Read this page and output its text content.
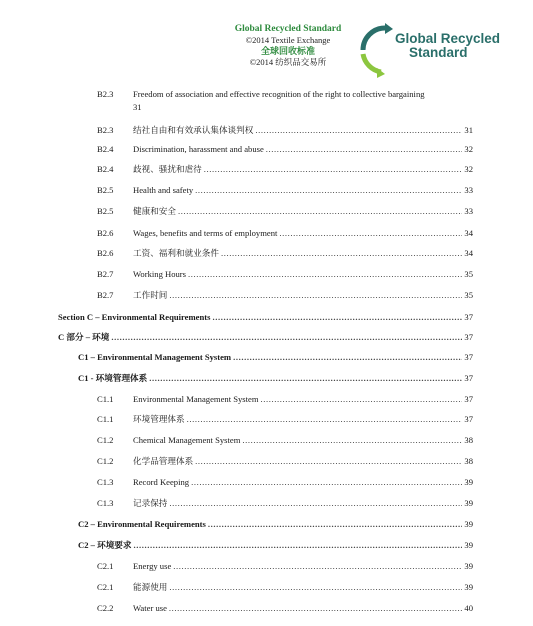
Global Recycled Standard
©2014 Textile Exchange
全球回收标准
©2014 纺织品交易所
Global Recycled
Standard
B2.3 Freedom of association and effective recognition of the right to collective bargaining
31
B2.3 结社自由和有效承认集体谈判权 .....	31
B2.4 Discrimination, harassment and abuse .....	32
B2.4 歧视、骚扰和虐待 .....	32
B2.5 Health and safety .....	33
B2.5 健康和安全 .....	33
B2.6 Wages, benefits and terms of employment .....	34
B2.6 工资、福利和就业条件 .....	34
B2.7 Working Hours .....	35
B2.7 工作时间 .....	35
Section C – Environmental Requirements .....	37
C 部分 – 环境 .....	37
C1 – Environmental Management System .....	37
C1 - 环境管理体系 .....	37
C1.1 Environmental Management System .....	37
C1.1 环境管理体系 .....	37
C1.2 Chemical Management System .....	38
C1.2 化学品管理体系 .....	38
C1.3 Record Keeping .....	39
C1.3 记录保持 .....	39
C2 – Environmental Requirements .....	39
C2 – 环境要求 .....	39
C2.1 Energy use .....	39
C2.1 能源使用 .....	39
C2.2 Water use .....	40
